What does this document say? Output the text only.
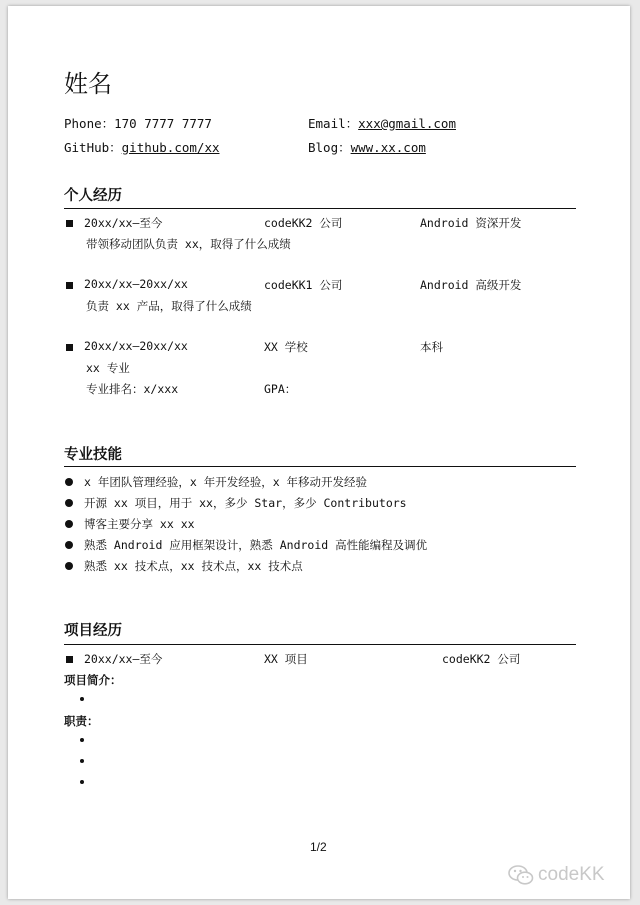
姓名
Phone：170 7777 7777	Email：xxx@gmail.com
GitHub：github.com/xx	Blog：www.xx.com
个人经历
20xx/xx—至今	codeKK2 公司	Android 资深开发
带领移动团队负责 xx，取得了什么成绩
20xx/xx—20xx/xx	codeKK1 公司	Android 高级开发
负责 xx 产品，取得了什么成绩
20xx/xx—20xx/xx	XX 学校	本科
xx 专业
专业排名：x/xxx	GPA：
专业技能
x 年团队管理经验，x 年开发经验，x 年移动开发经验
开源 xx 项目，用于 xx，多少 Star，多少 Contributors
博客主要分享 xx xx
熟悉 Android 应用框架设计，熟悉 Android 高性能编程及调优
熟悉 xx 技术点，xx 技术点，xx 技术点
项目经历
20xx/xx—至今	XX 项目	codeKK2 公司
项目简介：
职责：
1/2
codeKK
